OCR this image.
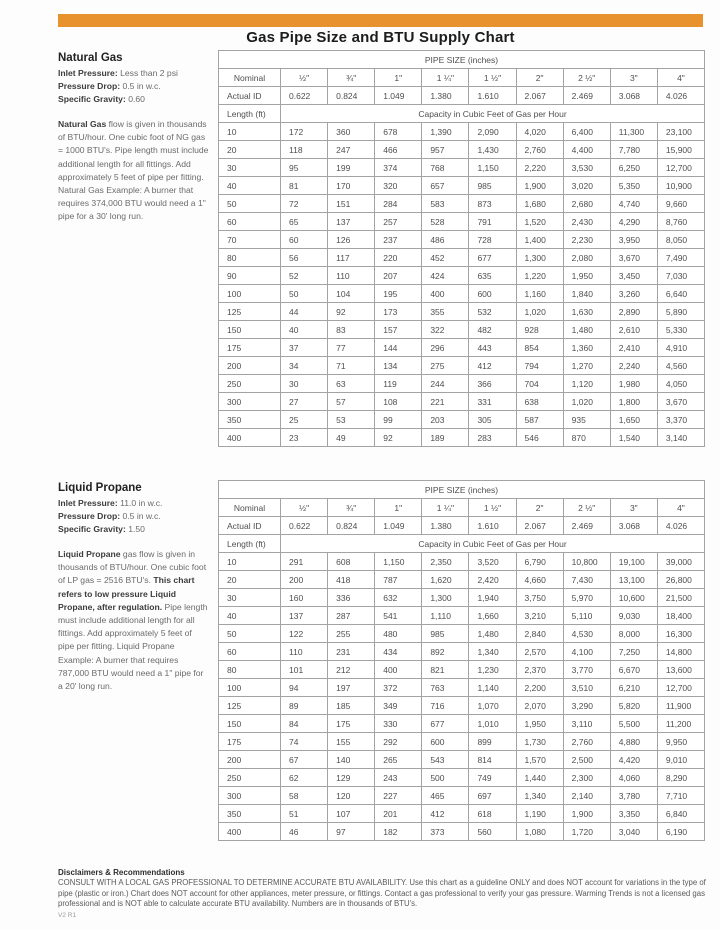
Gas Pipe Size and BTU Supply Chart
Natural Gas
Inlet Pressure: Less than 2 psi
Pressure Drop: 0.5 in w.c.
Specific Gravity: 0.60

Natural Gas flow is given in thousands of BTU/hour. One cubic foot of NG gas = 1000 BTU's. Pipe length must include additional length for all fittings. Add approximately 5 feet of pipe per fitting. Natural Gas Example: A burner that requires 374,000 BTU would need a 1" pipe for a 30' long run.

PIPE SIZE (inches)									
Nominal	½"	¾"	1"	1 ¼"	1 ½"	2"	2 ½"	3"	4"
Actual ID	0.622	0.824	1.049	1.380	1.610	2.067	2.469	3.068	4.026
Length (ft)	Capacity in Cubic Feet of Gas per Hour								
10	172	360	678	1,390	2,090	4,020	6,400	11,300	23,100
20	118	247	466	957	1,430	2,760	4,400	7,780	15,900
30	95	199	374	768	1,150	2,220	3,530	6,250	12,700
40	81	170	320	657	985	1,900	3,020	5,350	10,900
50	72	151	284	583	873	1,680	2,680	4,740	9,660
60	65	137	257	528	791	1,520	2,430	4,290	8,760
70	60	126	237	486	728	1,400	2,230	3,950	8,050
80	56	117	220	452	677	1,300	2,080	3,670	7,490
90	52	110	207	424	635	1,220	1,950	3,450	7,030
100	50	104	195	400	600	1,160	1,840	3,260	6,640
125	44	92	173	355	532	1,020	1,630	2,890	5,890
150	40	83	157	322	482	928	1,480	2,610	5,330
175	37	77	144	296	443	854	1,360	2,410	4,910
200	34	71	134	275	412	794	1,270	2,240	4,560
250	30	63	119	244	366	704	1,120	1,980	4,050
300	27	57	108	221	331	638	1,020	1,800	3,670
350	25	53	99	203	305	587	935	1,650	3,370
400	23	49	92	189	283	546	870	1,540	3,140
Liquid Propane
Inlet Pressure: 11.0 in w.c.
Pressure Drop: 0.5 in w.c.
Specific Gravity: 1.50

Liquid Propane gas flow is given in thousands of BTU/hour. One cubic foot of LP gas = 2516 BTU's. This chart refers to low pressure Liquid Propane, after regulation. Pipe length must include additional length for all fittings. Add approximately 5 feet of pipe per fitting. Liquid Propane Example: A burner that requires 787,000 BTU would need a 1" pipe for a 20' long run.

PIPE SIZE (inches)									
Nominal	½"	¾"	1"	1 ¼"	1 ½"	2"	2 ½"	3"	4"
Actual ID	0.622	0.824	1.049	1.380	1.610	2.067	2.469	3.068	4.026
Length (ft)	Capacity in Cubic Feet of Gas per Hour								
10	291	608	1,150	2,350	3,520	6,790	10,800	19,100	39,000
20	200	418	787	1,620	2,420	4,660	7,430	13,100	26,800
30	160	336	632	1,300	1,940	3,750	5,970	10,600	21,500
40	137	287	541	1,110	1,660	3,210	5,110	9,030	18,400
50	122	255	480	985	1,480	2,840	4,530	8,000	16,300
60	110	231	434	892	1,340	2,570	4,100	7,250	14,800
80	101	212	400	821	1,230	2,370	3,770	6,670	13,600
100	94	197	372	763	1,140	2,200	3,510	6,210	12,700
125	89	185	349	716	1,070	2,070	3,290	5,820	11,900
150	84	175	330	677	1,010	1,950	3,110	5,500	11,200
175	74	155	292	600	899	1,730	2,760	4,880	9,950
200	67	140	265	543	814	1,570	2,500	4,420	9,010
250	62	129	243	500	749	1,440	2,300	4,060	8,290
300	58	120	227	465	697	1,340	2,140	3,780	7,710
350	51	107	201	412	618	1,190	1,900	3,350	6,840
400	46	97	182	373	560	1,080	1,720	3,040	6,190
Disclaimers & Recommendations

CONSULT WITH A LOCAL GAS PROFESSIONAL TO DETERMINE ACCURATE BTU AVAILABILITY. Use this chart as a guideline ONLY and does NOT account for variations in the type of pipe (plastic or iron.) Chart does NOT account for other appliances, meter pressure, or fittings. Contact a gas professional to verify your gas pressure. Warming Trends is not a licensed gas professional and is NOT able to calculate accurate BTU availability. Numbers are in thousands of BTU's.

V2 R1
